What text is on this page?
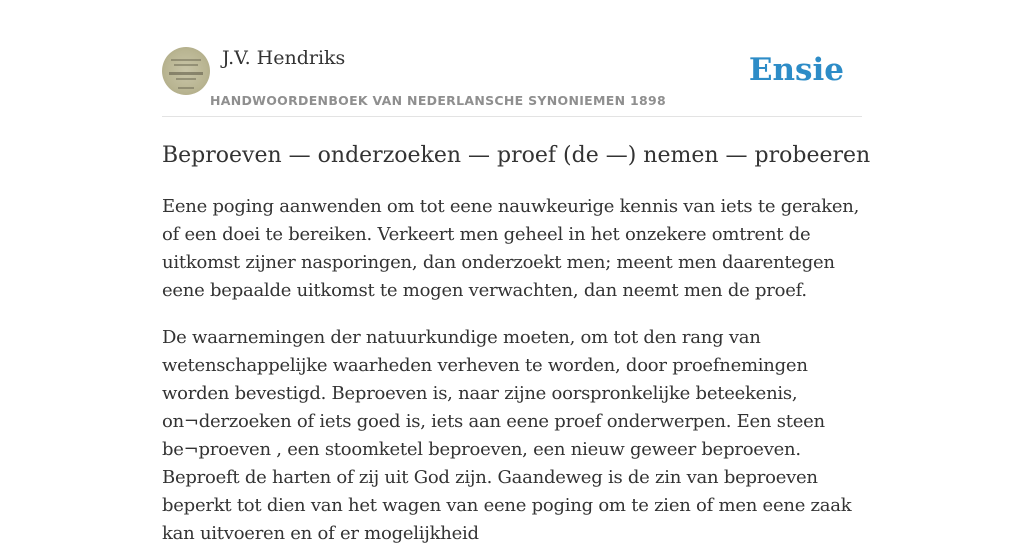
J.V. Hendriks
HANDWOORDENBOEK VAN NEDERLANSCHE SYNONIEMEN 1898
Ensie
Beproeven — onderzoeken — proef (de —) nemen — probeeren

Eene poging aanwenden om tot eene nauwkeurige kennis van iets te geraken, of een doei te bereiken. Verkeert men geheel in het onzekere omtrent de uitkomst zijner nasporingen, dan onderzoekt men; meent men daarentegen eene bepaalde uitkomst te mogen verwachten, dan neemt men de proef.

De waarnemingen der natuurkundige moeten, om tot den rang van wetenschappelijke waarheden verheven te worden, door proefnemingen worden bevestigd. Beproeven is, naar zijne oorspronkelijke beteekenis, on¬derzoeken of iets goed is, iets aan eene proef onderwerpen. Een steen be¬proeven , een stoomketel beproeven, een nieuw geweer beproeven. Beproeft de harten of zij uit God zijn. Gaandeweg is de zin van beproeven beperkt tot dien van het wagen van eene poging om te zien of men eene zaak kan uitvoeren en of er mogelijkheid
